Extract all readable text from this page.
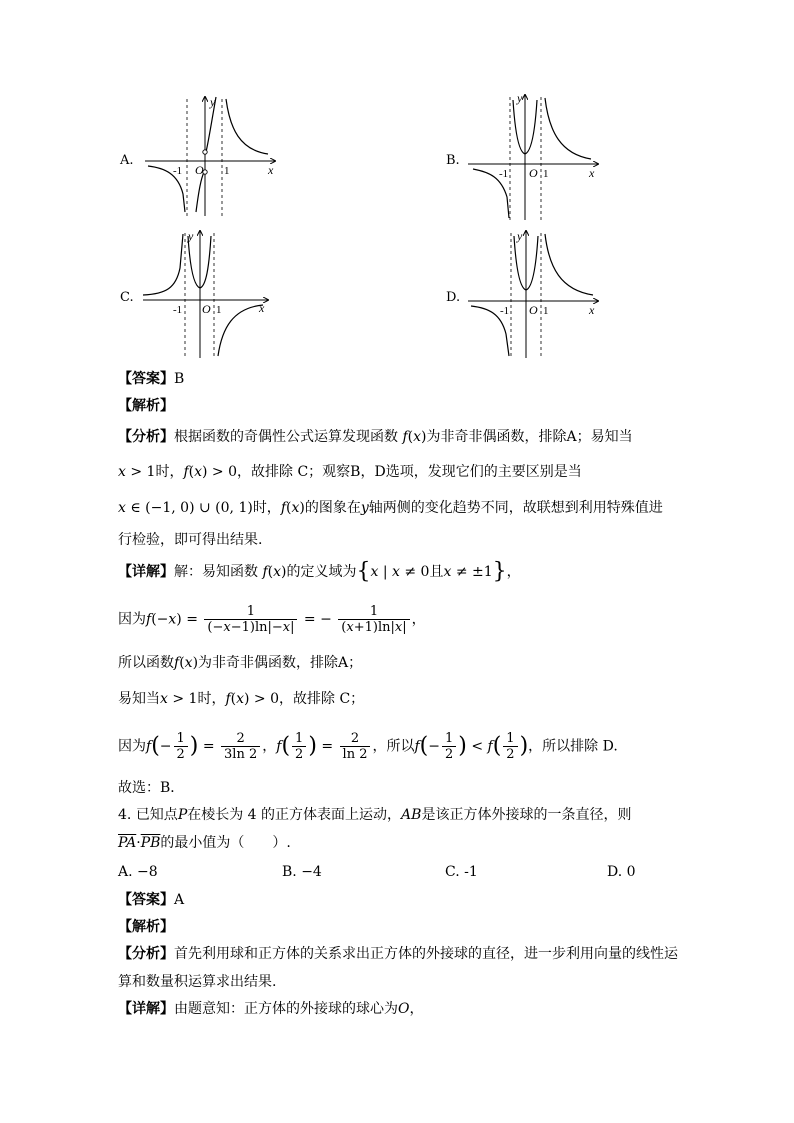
A.
-1 O 1	x
y
B.
-1 O 1	x
y
C.
-1 O 1	x
y
D.
-1 O 1	x
y
【答案】B
【解析】
【分析】根据函数的奇偶性公式运算发现函数 f(x)为非奇非偶函数，排除A；易知当
x > 1时，f(x) > 0，故排除 C；观察B，D选项，发现它们的主要区别是当
x ∈ (−1, 0) ∪ (0, 1)时，f(x)的图象在y轴两侧的变化趋势不同，故联想到利用特殊值进
行检验，即可得出结果.
【详解】解：易知函数 f(x)的定义域为{x | x ≠ 0且x ≠ ±1}，
因为$f(-x) = \frac{1}{(-x-1)\ln|-x|}$ = − $\frac{1}{(x+1)\ln|x|}$ ，
所以函数f(x)为非奇非偶函数，排除A；
易知当x > 1时，f(x) > 0，故排除 C；
因为$f(- \frac{1}{2}$ ) = $\frac{2}{3\ln 2}$ ，$f( \frac{1}{2}$ ) = $\frac{2}{\ln 2}$ ，所以$f(- \frac{1}{2}$ ) < $f( \frac{1}{2}$ )，所以排除 D.
故选：B．
4. 已知点P在棱长为 4 的正方体表面上运动，AB是该正方体外接球的一条直径，则
$\overline{PA}\cdot\overline{PB}$的最小值为（　　）.
A. −8	B. −4	C. -1	D. 0
【答案】A
【解析】
【分析】首先利用球和正方体的关系求出正方体的外接球的直径，进一步利用向量的线性运
算和数量积运算求出结果.
【详解】由题意知：正方体的外接球的球心为O，
